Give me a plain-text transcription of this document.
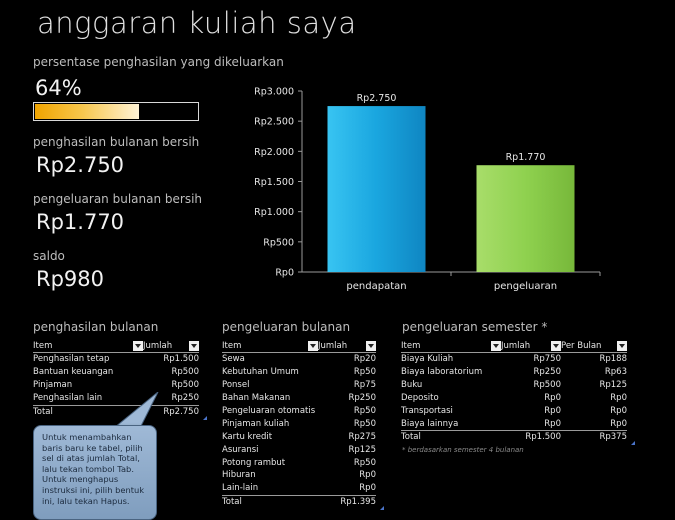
anggaran kuliah saya
persentase penghasilan yang dikeluarkan
64%
penghasilan bulanan bersih
Rp2.750
pengeluaran bulanan bersih
Rp1.770
saldo
Rp980	Rp0
Rp500
Rp1.000
Rp1.500
Rp2.000
Rp2.500
Rp3.000
Rp2.750
pendapatan
Rp1.770
pengeluaran
penghasilan bulanan
Item	Jumlah
Penghasilan tetap	Rp1.500
Bantuan keuangan	Rp500
Pinjaman	Rp500
Penghasilan lain	Rp250
Total	Rp2.750
pengeluaran bulanan
Item	Jumlah
Sewa	Rp20
Kebutuhan Umum	Rp50
Ponsel	Rp75
Bahan Makanan	Rp250
Pengeluaran otomatis	Rp50
Pinjaman kuliah	Rp50
Kartu kredit	Rp275
Asuransi	Rp125
Potong rambut	Rp50
Hiburan	Rp0
Lain-lain	Rp0
Total	Rp1.395
pengeluaran semester *
Item	Jumlah	Per Bulan
Biaya Kuliah	Rp750	Rp188
Biaya laboratorium	Rp250	Rp63
Buku	Rp500	Rp125
Deposito	Rp0	Rp0
Transportasi	Rp0	Rp0
Biaya lainnya	Rp0	Rp0
Total	Rp1.500	Rp375
* berdasarkan semester 4 bulanan
Untuk menambahkan baris baru ke tabel, pilih sel di atas jumlah Total, lalu tekan tombol Tab. Untuk menghapus instruksi ini, pilih bentuk ini, lalu tekan Hapus.
